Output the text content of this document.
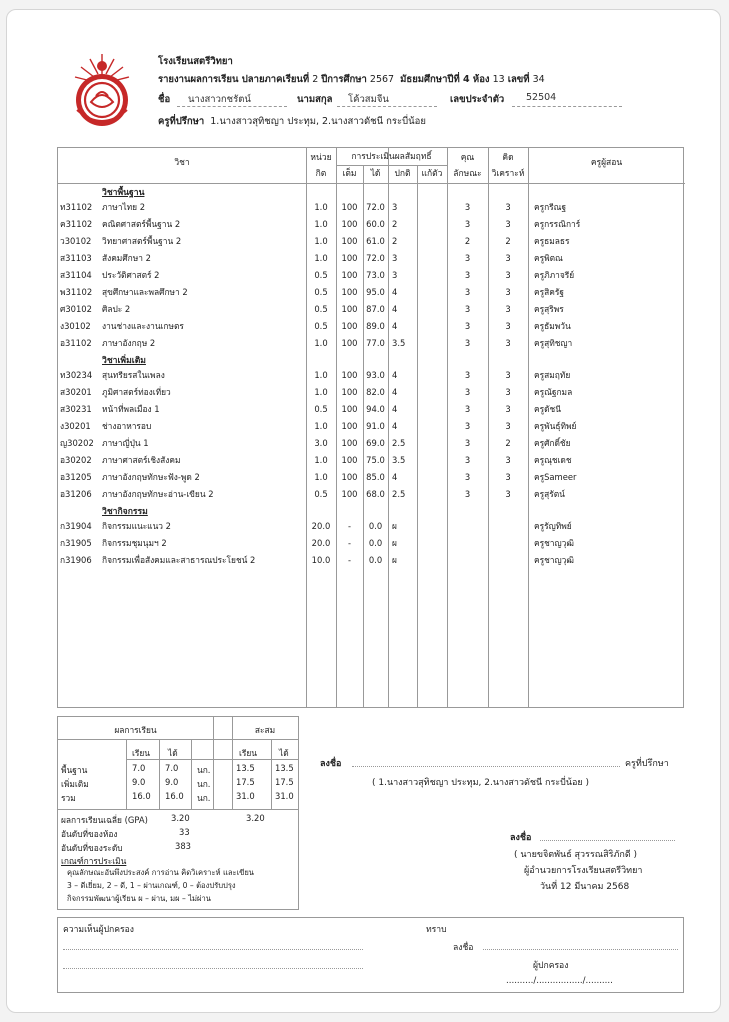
โรงเรียนสตรีวิทยา
รายงานผลการเรียน ปลายภาคเรียนที่ 2 ปีการศึกษา 2567 มัธยมศึกษาปีที่ 4 ห้อง 13 เลขที่ 34
ชื่อ นางสาวกชรัตน์	นามสกุล โค้วสมจีน	เลขประจำตัว 52504
ครูที่ปรึกษา 1.นางสาวสุทิชญา ประทุม, 2.นางสาวดัชนี กระบี่น้อย
วิชา	หน่วย
กิต
การประเมินผลสัมฤทธิ์
เต็ม	ได้	ปกติ	แก้ตัว
คุณ
ลักษณะ
คิด
วิเคราะห์
ครูผู้สอน
วิชาพื้นฐาน
ท31102 ภาษาไทย 2	1.0	100	72.0 3	3	3	ครูกรีณฐ
ค31102 คณิตศาสตร์พื้นฐาน 2	1.0	100	60.0 2	3	3	ครูกรรณิการ์
ว30102 วิทยาศาสตร์พื้นฐาน 2	1.0	100	61.0 2	2	2	ครูธมลธร
ส31103 สังคมศึกษา 2	1.0	100	72.0 3	3	3	ครูพิตณ
ส31104 ประวัติศาสตร์ 2	0.5	100	73.0 3	3	3	ครูภิภาจรีย์
พ31102 สุขศึกษาและพลศึกษา 2	0.5	100	95.0 4	3	3	ครูสิครัฐ
ศ30102 ศิลปะ 2	0.5	100	87.0 4	3	3	ครูสุริพร
ง30102 งานช่างและงานเกษตร	0.5	100	89.0 4	3	3	ครูธัมพวัน
อ31102 ภาษาอังกฤษ 2	1.0	100	77.0 3.5	3	3	ครูสุทิชญา
วิชาเพิ่มเติม
ท30234 สุนทรียรสในเพลง	1.0	100	93.0 4	3	3	ครูสมฤทัย
ส30201 ภูมิศาสตร์ท่องเที่ยว	1.0	100	82.0 4	3	3	ครูณัฐกมล
ส30231 หน้าที่พลเมือง 1	0.5	100	94.0 4	3	3	ครูดัชนี
ง30201 ช่างอาหารอบ	1.0	100	91.0 4	3	3	ครูพันธุ์ทิพย์
ญ30202 ภาษาญี่ปุ่น 1	3.0	100	69.0 2.5	3	2	ครูศักดิ์ชัย
อ30202 ภาษาศาสตร์เชิงสังคม	1.0	100	75.0 3.5	3	3	ครูณุชเดช
อ31205 ภาษาอังกฤษทักษะฟัง-พูด 2	1.0	100	85.0 4	3	3	ครูSameer
อ31206 ภาษาอังกฤษทักษะอ่าน-เขียน 2	0.5	100	68.0 2.5	3	3	ครูสุรัตน์
วิชากิจกรรม
ก31904 กิจกรรมแนะแนว 2	20.0	-	0.0	ผ	ครูรัญทิพย์
ก31905 กิจกรรมชุมนุมฯ 2	20.0	-	0.0	ผ	ครูชาญวุฒิ
ก31906 กิจกรรมเพื่อสังคมและสาธารณประโยชน์ 2	10.0	-	0.0	ผ	ครูชาญวุฒิ
ผลการเรียน	สะสม
เรียน ได้	เรียน	ได้
พื้นฐาน	7.0 7.0 นก.	13.5 13.5
เพิ่มเติม	9.0 9.0 นก.	17.5 17.5
รวม	16.0 16.0 นก.	31.0 31.0
ผลการเรียนเฉลี่ย (GPA)	3.20	3.20
อันดับที่ของห้อง	33
อันดับที่ของระดับ	383
เกณฑ์การประเมิน
คุณลักษณะอันพึงประสงค์ การอ่าน คิดวิเคราะห์ และเขียน
3 – ดีเยี่ยม, 2 – ดี, 1 – ผ่านเกณฑ์, 0 – ต้องปรับปรุง
กิจกรรมพัฒนาผู้เรียน ผ – ผ่าน, มผ – ไม่ผ่าน
ลงชื่อ	ครูที่ปรึกษา
( 1.นางสาวสุทิชญา ประทุม, 2.นางสาวดัชนี กระบี่น้อย )
ลงชื่อ
( นายขจิตพันธ์ สุวรรณสิริภักดี )
ผู้อำนวยการโรงเรียนสตรีวิทยา
วันที่ 12 มีนาคม 2568
ความเห็นผู้ปกครอง	ทราบ
ลงชื่อ
ผู้ปกครอง
........../................./..........
